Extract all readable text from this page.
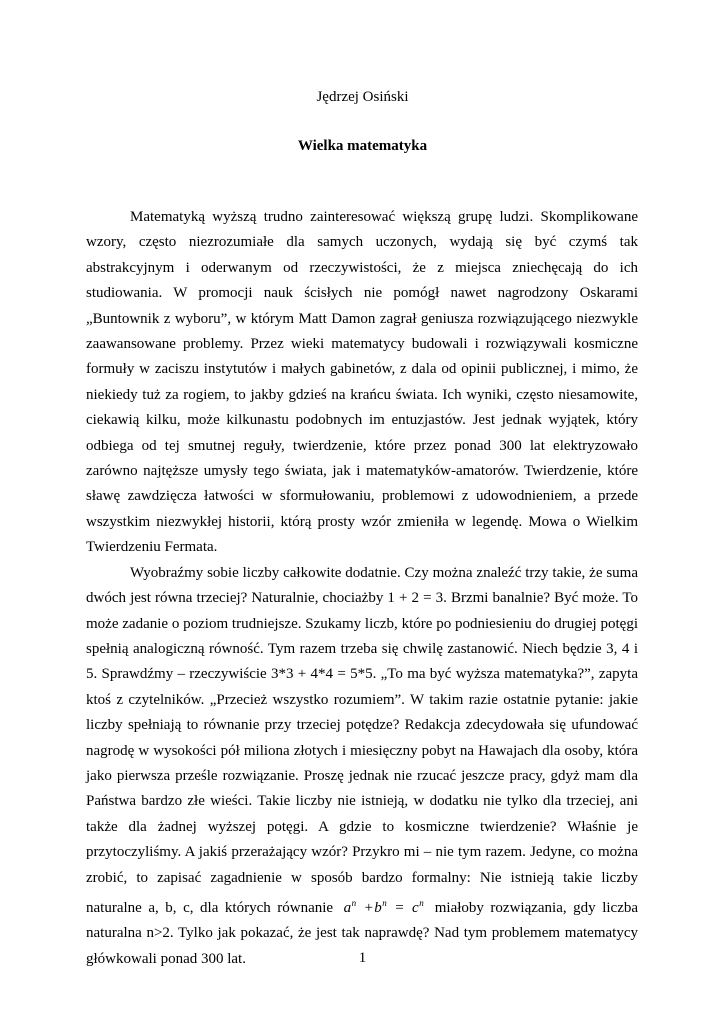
Jędrzej Osiński
Wielka matematyka

Matematyką wyższą trudno zainteresować większą grupę ludzi. Skomplikowane wzory, często niezrozumiałe dla samych uczonych, wydają się być czymś tak abstrakcyjnym i oderwanym od rzeczywistości, że z miejsca zniechęcają do ich studiowania. W promocji nauk ścisłych nie pomógł nawet nagrodzony Oskarami „Buntownik z wyboru”, w którym Matt Damon zagrał geniusza rozwiązującego niezwykle zaawansowane problemy. Przez wieki matematycy budowali i rozwiązywali kosmiczne formuły w zaciszu instytutów i małych gabinetów, z dala od opinii publicznej, i mimo, że niekiedy tuż za rogiem, to jakby gdzieś na krańcu świata. Ich wyniki, często niesamowite, ciekawią kilku, może kilkunastu podobnych im entuzjastów. Jest jednak wyjątek, który odbiega od tej smutnej reguły, twierdzenie, które przez ponad 300 lat elektryzowało zarówno najtęższe umysły tego świata, jak i matematyków-amatorów. Twierdzenie, które sławę zawdzięcza łatwości w sformułowaniu, problemowi z udowodnieniem, a przede wszystkim niezwykłej historii, którą prosty wzór zmieniła w legendę. Mowa o Wielkim Twierdzeniu Fermata.

Wyobraźmy sobie liczby całkowite dodatnie. Czy można znaleźć trzy takie, że suma dwóch jest równa trzeciej? Naturalnie, chociażby 1 + 2 = 3. Brzmi banalnie? Być może. To może zadanie o poziom trudniejsze. Szukamy liczb, które po podniesieniu do drugiej potęgi spełnią analogiczną równość. Tym razem trzeba się chwilę zastanowić. Niech będzie 3, 4 i 5. Sprawdźmy – rzeczywiście 3*3 + 4*4 = 5*5. „To ma być wyższa matematyka?”, zapyta ktoś z czytelników. „Przecież wszystko rozumiem”. W takim razie ostatnie pytanie: jakie liczby spełniają to równanie przy trzeciej potędze? Redakcja zdecydowała się ufundować nagrodę w wysokości pół miliona złotych i miesięczny pobyt na Hawajach dla osoby, która jako pierwsza prześle rozwiązanie. Proszę jednak nie rzucać jeszcze pracy, gdyż mam dla Państwa bardzo złe wieści. Takie liczby nie istnieją, w dodatku nie tylko dla trzeciej, ani także dla żadnej wyższej potęgi. A gdzie to kosmiczne twierdzenie? Właśnie je przytoczyliśmy. A jakiś przerażający wzór? Przykro mi – nie tym razem. Jedyne, co można zrobić, to zapisać zagadnienie w sposób bardzo formalny: Nie istnieją takie liczby naturalne a, b, c, dla których równanie $a^n +b^n = c^n$ miałoby rozwiązania, gdy liczba naturalna n>2. Tylko jak pokazać, że jest tak naprawdę? Nad tym problemem matematycy główkowali ponad 300 lat.	1
